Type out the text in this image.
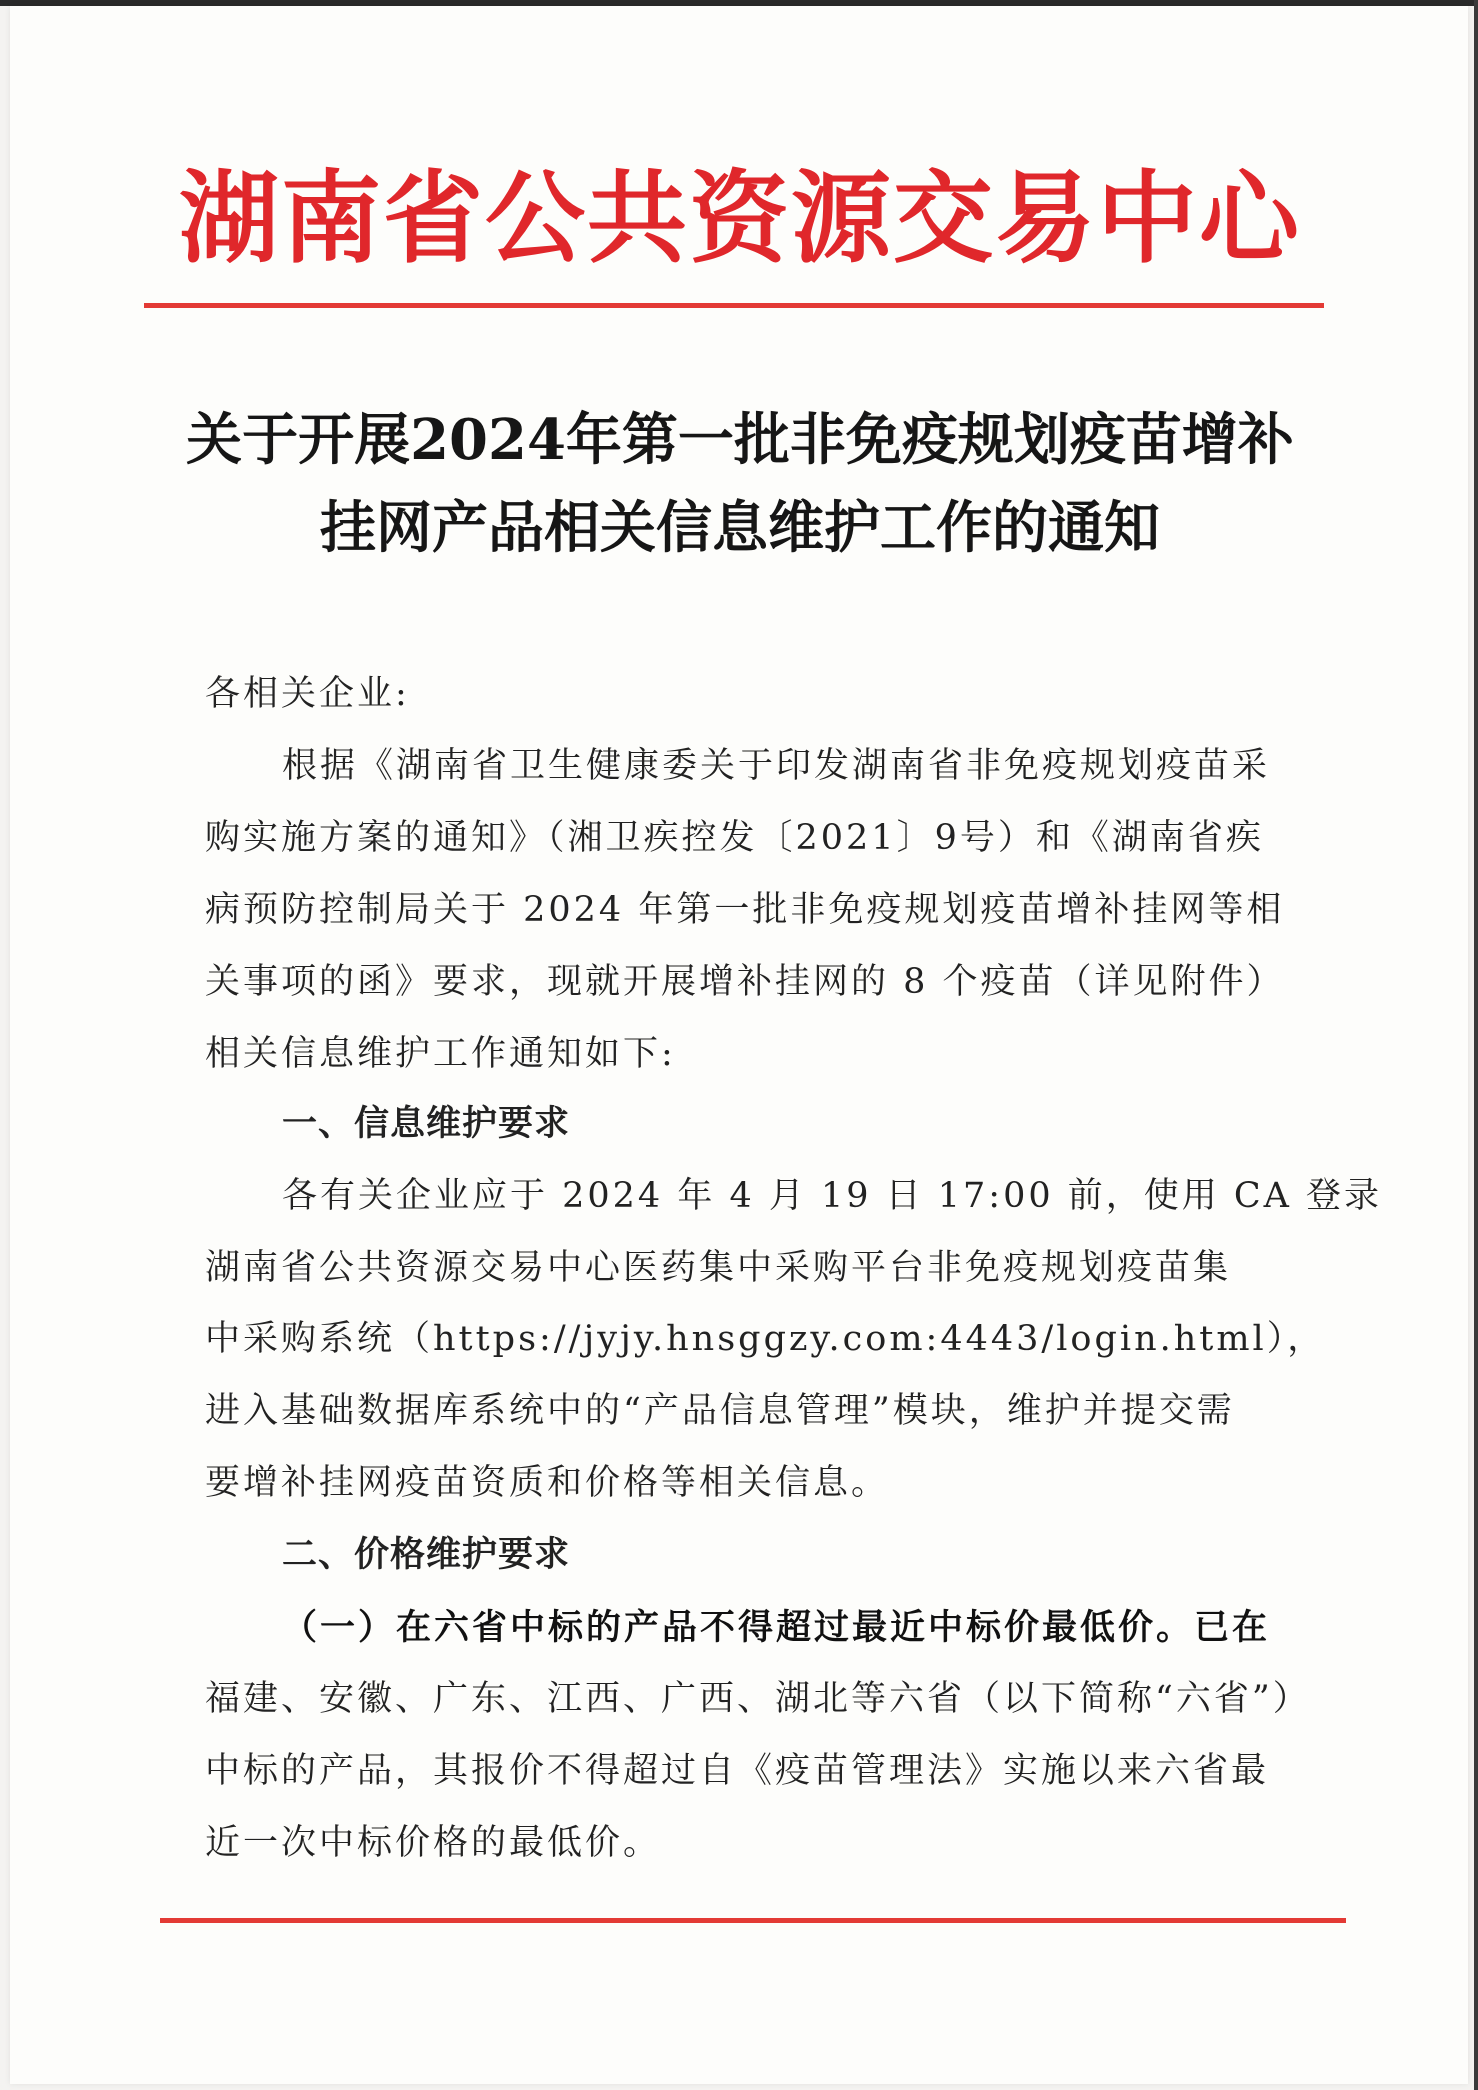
湖南省公共资源交易中心
关于开展2024年第一批非免疫规划疫苗增补
挂网产品相关信息维护工作的通知
各相关企业:
根据《湖南省卫生健康委关于印发湖南省非免疫规划疫苗采
购实施方案的通知》（湘卫疾控发〔2021〕9号）和《湖南省疾
病预防控制局关于 2024 年第一批非免疫规划疫苗增补挂网等相
关事项的函》要求，现就开展增补挂网的 8 个疫苗（详见附件）
相关信息维护工作通知如下:
一、信息维护要求
各有关企业应于 2024 年 4 月 19 日 17:00 前，使用 CA 登录
湖南省公共资源交易中心医药集中采购平台非免疫规划疫苗集
中采购系统（https://jyjy.hnsggzy.com:4443/login.html），
进入基础数据库系统中的“产品信息管理”模块，维护并提交需
要增补挂网疫苗资质和价格等相关信息。
二、价格维护要求
（一）在六省中标的产品不得超过最近中标价最低价。已在
福建、安徽、广东、江西、广西、湖北等六省（以下简称“六省”）
中标的产品，其报价不得超过自《疫苗管理法》实施以来六省最
近一次中标价格的最低价。
